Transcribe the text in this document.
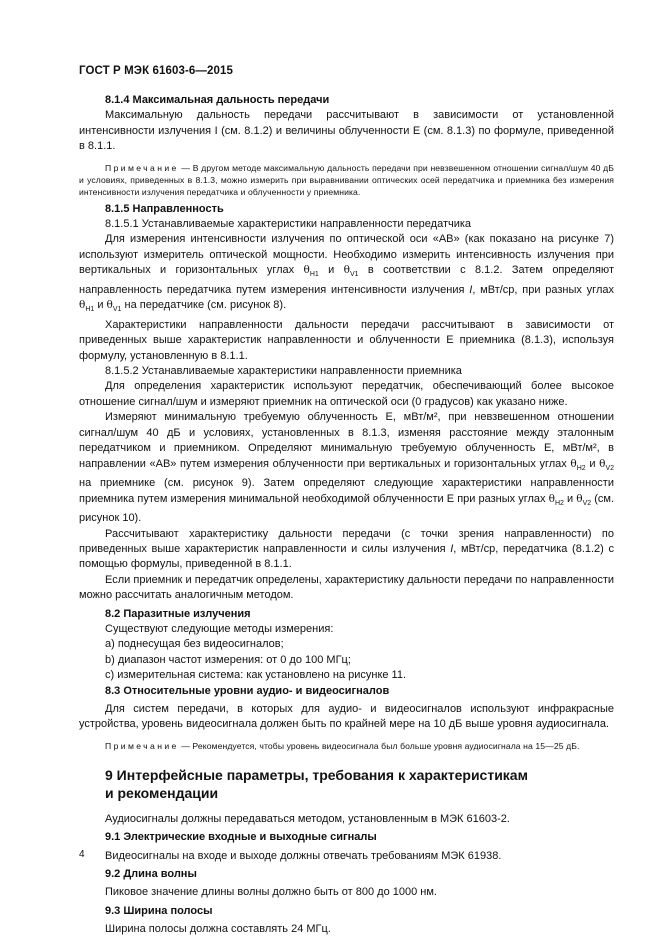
ГОСТ Р МЭК 61603-6—2015

8.1.4 Максимальная дальность передачи

Максимальную дальность передачи рассчитывают в зависимости от установленной интенсивности излучения I (см. 8.1.2) и величины облученности E (см. 8.1.3) по формуле, приведенной в 8.1.1.

Примечание — В другом методе максимальную дальность передачи при невзвешенном отношении сигнал/шум 40 дБ и условиях, приведенных в 8.1.3, можно измерить при выравнивании оптических осей передатчика и приемника без измерения интенсивности излучения передатчика и облученности у приемника.

8.1.5 Направленность

8.1.5.1 Устанавливаемые характеристики направленности передатчика

Для измерения интенсивности излучения по оптической оси «AB» (как показано на рисунке 7) используют измеритель оптической мощности. Необходимо измерить интенсивность излучения при вертикальных и горизонтальных углах $\theta_{H1}$ и $\theta_{V1}$ в соответствии с 8.1.2. Затем определяют направленность передатчика путем измерения интенсивности излучения I, мВт/ср, при разных углах $\theta_{H1}$ и $\theta_{V1}$ на передатчике (см. рисунок 8).

Характеристики направленности дальности передачи рассчитывают в зависимости от приведенных выше характеристик направленности и облученности E приемника (8.1.3), используя формулу, установленную в 8.1.1.

8.1.5.2 Устанавливаемые характеристики направленности приемника

Для определения характеристик используют передатчик, обеспечивающий более высокое отношение сигнал/шум и измеряют приемник на оптической оси (0 градусов) как указано ниже.

Измеряют минимальную требуемую облученность E, мВт/м², при невзвешенном отношении сигнал/шум 40 дБ и условиях, установленных в 8.1.3, изменяя расстояние между эталонным передатчиком и приемником. Определяют минимальную требуемую облученность E, мВт/м², в направлении «AB» путем измерения облученности при вертикальных и горизонтальных углах $\theta_{H2}$ и $\theta_{V2}$ на приемнике (см. рисунок 9). Затем определяют следующие характеристики направленности приемника путем измерения минимальной необходимой облученности E при разных углах $\theta_{H2}$ и $\theta_{V2}$ (см. рисунок 10).

Рассчитывают характеристику дальности передачи (с точки зрения направленности) по приведенных выше характеристик направленности и силы излучения I, мВт/ср, передатчика (8.1.2) с помощью формулы, приведенной в 8.1.1.

Если приемник и передатчик определены, характеристику дальности передачи по направленности можно рассчитать аналогичным методом.

8.2 Паразитные излучения

Существуют следующие методы измерения:

a) поднесущая без видеосигналов;

b) диапазон частот измерения: от 0 до 100 МГц;

c) измерительная система: как установлено на рисунке 11.

8.3 Относительные уровни аудио- и видеосигналов

Для систем передачи, в которых для аудио- и видеосигналов используют инфракрасные устройства, уровень видеосигнала должен быть по крайней мере на 10 дБ выше уровня аудиосигнала.

Примечание — Рекомендуется, чтобы уровень видеосигнала был больше уровня аудиосигнала на 15—25 дБ.

9 Интерфейсные параметры, требования к характеристикам
и рекомендации

Аудиосигналы должны передаваться методом, установленным в МЭК 61603-2.

9.1 Электрические входные и выходные сигналы

Видеосигналы на входе и выходе должны отвечать требованиям МЭК 61938.

9.2 Длина волны

Пиковое значение длины волны должно быть от 800 до 1000 нм.

9.3 Ширина полосы

Ширина полосы должна составлять 24 МГц.

4
